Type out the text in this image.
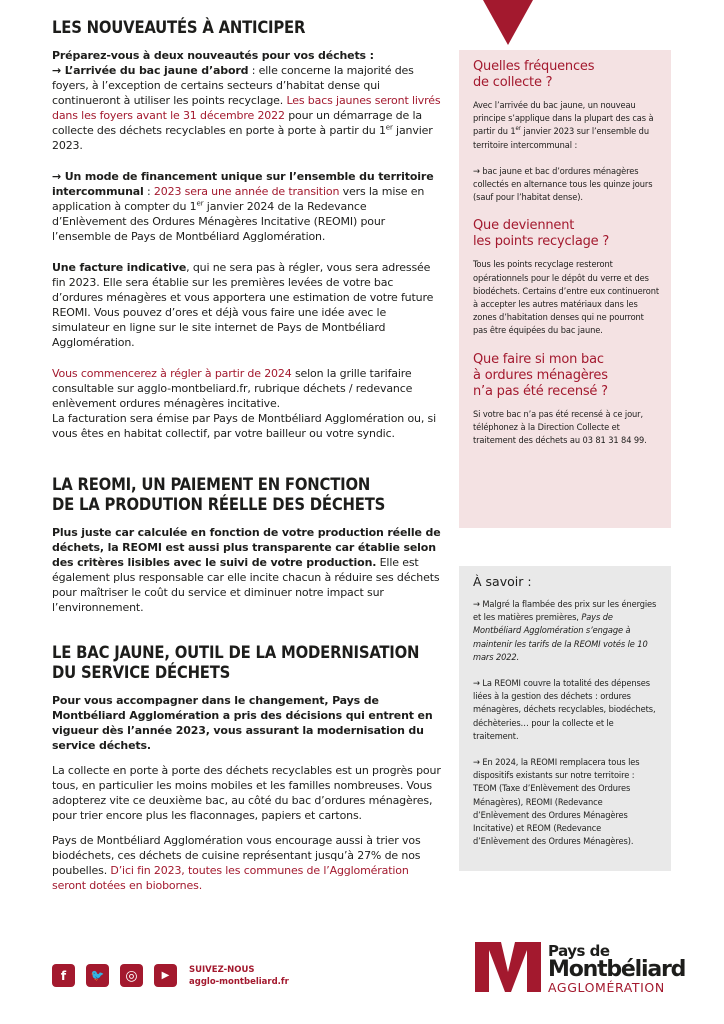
LES NOUVEAUTÉS À ANTICIPER
Préparez-vous à deux nouveautés pour vos déchets :
→ L’arrivée du bac jaune d’abord : elle concerne la majorité des foyers, à l’exception de certains secteurs d’habitat dense qui continueront à utiliser les points recyclage. Les bacs jaunes seront livrés dans les foyers avant le 31 décembre 2022 pour un démarrage de la collecte des déchets recyclables en porte à porte à partir du 1er janvier 2023.
→ Un mode de financement unique sur l’ensemble du territoire intercommunal : 2023 sera une année de transition vers la mise en application à compter du 1er janvier 2024 de la Redevance d’Enlèvement des Ordures Ménagères Incitative (REOMI) pour l’ensemble de Pays de Montbéliard Agglomération.
Une facture indicative, qui ne sera pas à régler, vous sera adressée fin 2023. Elle sera établie sur les premières levées de votre bac d’ordures ménagères et vous apportera une estimation de votre future REOMI. Vous pouvez d’ores et déjà vous faire une idée avec le simulateur en ligne sur le site internet de Pays de Montbéliard Agglomération.
Vous commencerez à régler à partir de 2024 selon la grille tarifaire consultable sur agglo-montbeliard.fr, rubrique déchets / redevance enlèvement ordures ménagères incitative.
La facturation sera émise par Pays de Montbéliard Agglomération ou, si vous êtes en habitat collectif, par votre bailleur ou votre syndic.
LA REOMI, UN PAIEMENT EN FONCTION
DE LA PRODUTION RÉELLE DES DÉCHETS
Plus juste car calculée en fonction de votre production réelle de déchets, la REOMI est aussi plus transparente car établie selon des critères lisibles avec le suivi de votre production. Elle est également plus responsable car elle incite chacun à réduire ses déchets pour maîtriser le coût du service et diminuer notre impact sur l’environnement.
LE BAC JAUNE, OUTIL DE LA MODERNISATION
DU SERVICE DÉCHETS
Pour vous accompagner dans le changement, Pays de Montbéliard Agglomération a pris des décisions qui entrent en vigueur dès l’année 2023, vous assurant la modernisation du service déchets.
La collecte en porte à porte des déchets recyclables est un progrès pour tous, en particulier les moins mobiles et les familles nombreuses. Vous adopterez vite ce deuxième bac, au côté du bac d’ordures ménagères, pour trier encore plus les flaconnages, papiers et cartons.
Pays de Montbéliard Agglomération vous encourage aussi à trier vos biodéchets, ces déchets de cuisine représentant jusqu’à 27% de nos poubelles. D’ici fin 2023, toutes les communes de l’Agglomération seront dotées en biobornes.
Quelles fréquences
de collecte ?
Avec l’arrivée du bac jaune, un nouveau principe s’applique dans la plupart des cas à partir du 1er janvier 2023 sur l’ensemble du territoire intercommunal :
→ bac jaune et bac d’ordures ménagères collectés en alternance tous les quinze jours (sauf pour l’habitat dense).
Que deviennent
les points recyclage ?
Tous les points recyclage resteront opérationnels pour le dépôt du verre et des biodéchets. Certains d’entre eux continueront à accepter les autres matériaux dans les zones d’habitation denses qui ne pourront pas être équipées du bac jaune.
Que faire si mon bac
à ordures ménagères
n’a pas été recensé ?
Si votre bac n’a pas été recensé à ce jour, téléphonez à la Direction Collecte et traitement des déchets au 03 81 31 84 99.
À savoir :
→ Malgré la flambée des prix sur les énergies et les matières premières, Pays de Montbéliard Agglomération s’engage à maintenir les tarifs de la REOMI votés le 10 mars 2022.
→ La REOMI couvre la totalité des dépenses liées à la gestion des déchets : ordures ménagères, déchets recyclables, biodéchets, déchèteries… pour la collecte et le traitement.
→ En 2024, la REOMI remplacera tous les dispositifs existants sur notre territoire : TEOM (Taxe d’Enlèvement des Ordures Ménagères), REOMI (Redevance d’Enlèvement des Ordures Ménagères Incitative) et REOM (Redevance d’Enlèvement des Ordures Ménagères).
f	🐦	◎	▶	SUIVEZ-NOUS
agglo-montbeliard.fr
Pays de
Montbéliard
AGGLOMÉRATION
